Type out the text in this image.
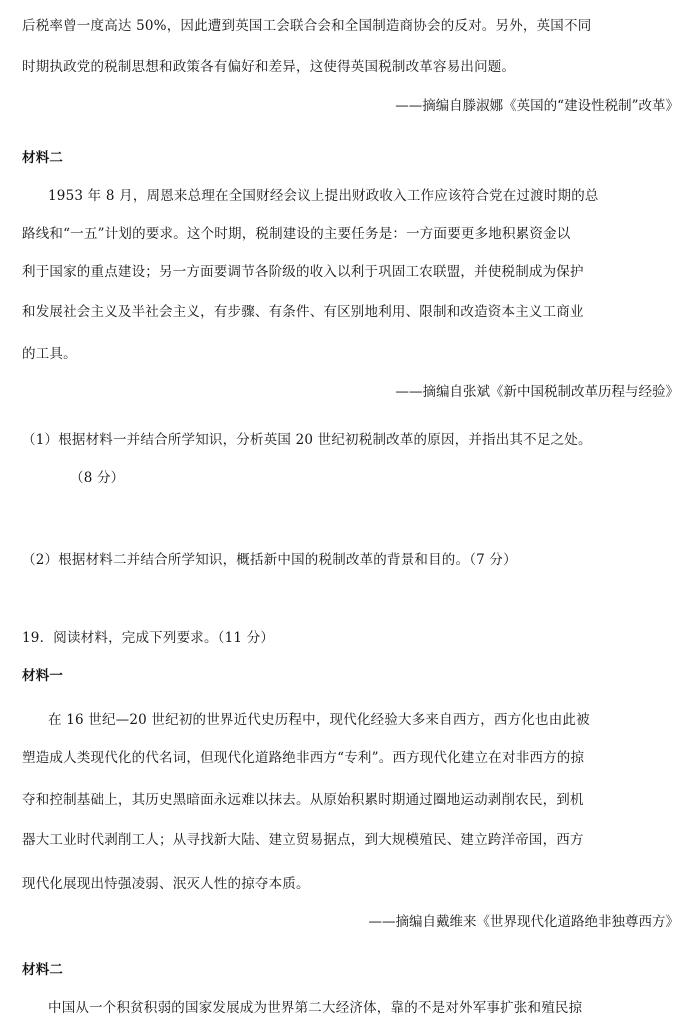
后税率曾一度高达 50%，因此遭到英国工会联合会和全国制造商协会的反对。另外，英国不同
时期执政党的税制思想和政策各有偏好和差异，这使得英国税制改革容易出问题。
——摘编自滕淑娜《英国的“建设性税制”改革》
材料二
1953 年 8 月，周恩来总理在全国财经会议上提出财政收入工作应该符合党在过渡时期的总
路线和“一五”计划的要求。这个时期，税制建设的主要任务是：一方面要更多地积累资金以
利于国家的重点建设；另一方面要调节各阶级的收入以利于巩固工农联盟，并使税制成为保护
和发展社会主义及半社会主义，有步骤、有条件、有区别地利用、限制和改造资本主义工商业
的工具。
——摘编自张斌《新中国税制改革历程与经验》
（1）根据材料一并结合所学知识，分析英国 20 世纪初税制改革的原因，并指出其不足之处。
（8 分）
（2）根据材料二并结合所学知识，概括新中国的税制改革的背景和目的。（7 分）
19．阅读材料，完成下列要求。（11 分）
材料一
在 16 世纪—20 世纪初的世界近代史历程中，现代化经验大多来自西方，西方化也由此被
塑造成人类现代化的代名词，但现代化道路绝非西方“专利”。西方现代化建立在对非西方的掠
夺和控制基础上，其历史黑暗面永远难以抹去。从原始积累时期通过圈地运动剥削农民，到机
器大工业时代剥削工人；从寻找新大陆、建立贸易据点，到大规模殖民、建立跨洋帝国，西方
现代化展现出恃强凌弱、泯灭人性的掠夺本质。
——摘编自戴维来《世界现代化道路绝非独尊西方》
材料二
中国从一个积贫积弱的国家发展成为世界第二大经济体，靠的不是对外军事扩张和殖民掠
